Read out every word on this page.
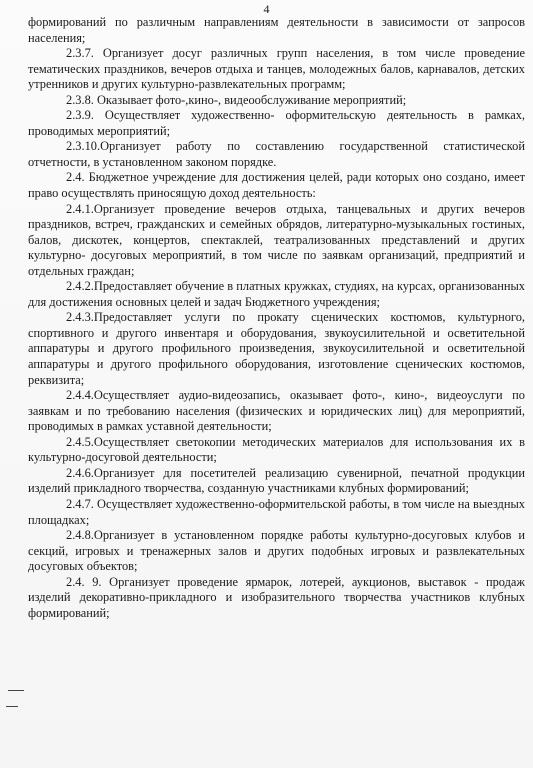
4

формирований по различным направлениям деятельности в зависимости от запросов населения;

2.3.7. Организует досуг различных групп населения, в том числе проведение тематических праздников, вечеров отдыха и танцев, молодежных балов, карнавалов, детских утренников и других культурно-развлекательных программ;

2.3.8. Оказывает фото-,кино-, видеообслуживание мероприятий;

2.3.9. Осуществляет художественно- оформительскую деятельность в рамках, проводимых мероприятий;

2.3.10.Организует работу по составлению государственной статистической отчетности, в установленном законом порядке.

2.4. Бюджетное учреждение для достижения целей, ради которых оно создано, имеет право осуществлять приносящую доход деятельность:

2.4.1.Организует проведение вечеров отдыха, танцевальных и других вечеров праздников, встреч, гражданских и семейных обрядов, литературно-музыкальных гостиных, балов, дискотек, концертов, спектаклей, театрализованных представлений и других культурно- досуговых мероприятий, в том числе по заявкам организаций, предприятий и отдельных граждан;

2.4.2.Предоставляет обучение в платных кружках, студиях, на курсах, организованных для достижения основных целей и задач Бюджетного учреждения;

2.4.3.Предоставляет услуги по прокату сценических костюмов, культурного, спортивного и другого инвентаря и оборудования, звукоусилительной и осветительной аппаратуры и другого профильного произведения, звукоусилительной и осветительной аппаратуры и другого профильного оборудования, изготовление сценических костюмов, реквизита;

2.4.4.Осуществляет аудио-видеозапись, оказывает фото-, кино-, видеоуслуги по заявкам и по требованию населения (физических и юридических лиц) для мероприятий, проводимых в рамках уставной деятельности;

2.4.5.Осуществляет светокопии методических материалов для использования их в культурно-досуговой деятельности;

2.4.6.Организует для посетителей реализацию сувенирной, печатной продукции изделий прикладного творчества, созданную участниками клубных формирований;

2.4.7. Осуществляет художественно-оформительской работы, в том числе на выездных площадках;

2.4.8.Организует в установленном порядке работы культурно-досуговых клубов и секций, игровых и тренажерных залов и других подобных игровых и развлекательных досуговых объектов;

2.4. 9. Организует проведение ярмарок, лотерей, аукционов, выставок - продаж изделий декоративно-прикладного и изобразительного творчества участников клубных формирований;
